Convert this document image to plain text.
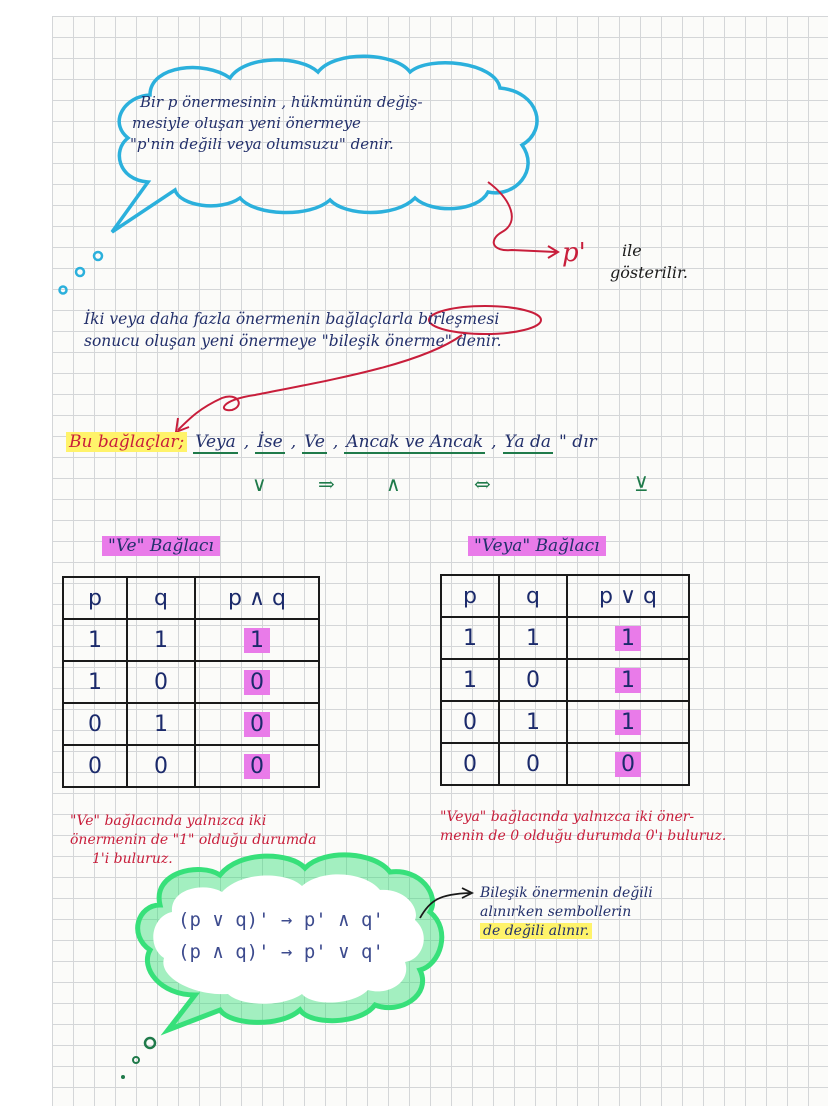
Bir p önermesinin , hükmünün değiş-
mesiyle oluşan yeni önermeye
"p'nin değili veya olumsuzu" denir.
p' ile
gösterilir.
İki veya daha fazla önermenin bağlaçlarla birleşmesi
sonucu oluşan yeni önermeye "bileşik önerme" denir.
Bu bağlaçlar; Veya , İse , Ve , Ancak ve Ancak , Ya da " dır
∨	⇒	∧	⇔	⊻
"Ve" Bağlacı
p	q	p ∧ q
1	1	1
1	0	0
0	1	0
0	0	0
"Veya" Bağlacı
p	q	p ∨ q
1	1	1
1	0	1
0	1	1
0	0	0
"Ve" bağlacında yalnızca iki
önermenin de "1" olduğu durumda
1'i buluruz.
"Veya" bağlacında yalnızca iki öner-
menin de 0 olduğu durumda 0'ı buluruz.
(p ∨ q)' → p' ∧ q'
(p ∧ q)' → p' ∨ q'
Bileşik önermenin değili
alınırken sembollerin
de değili alınır.
